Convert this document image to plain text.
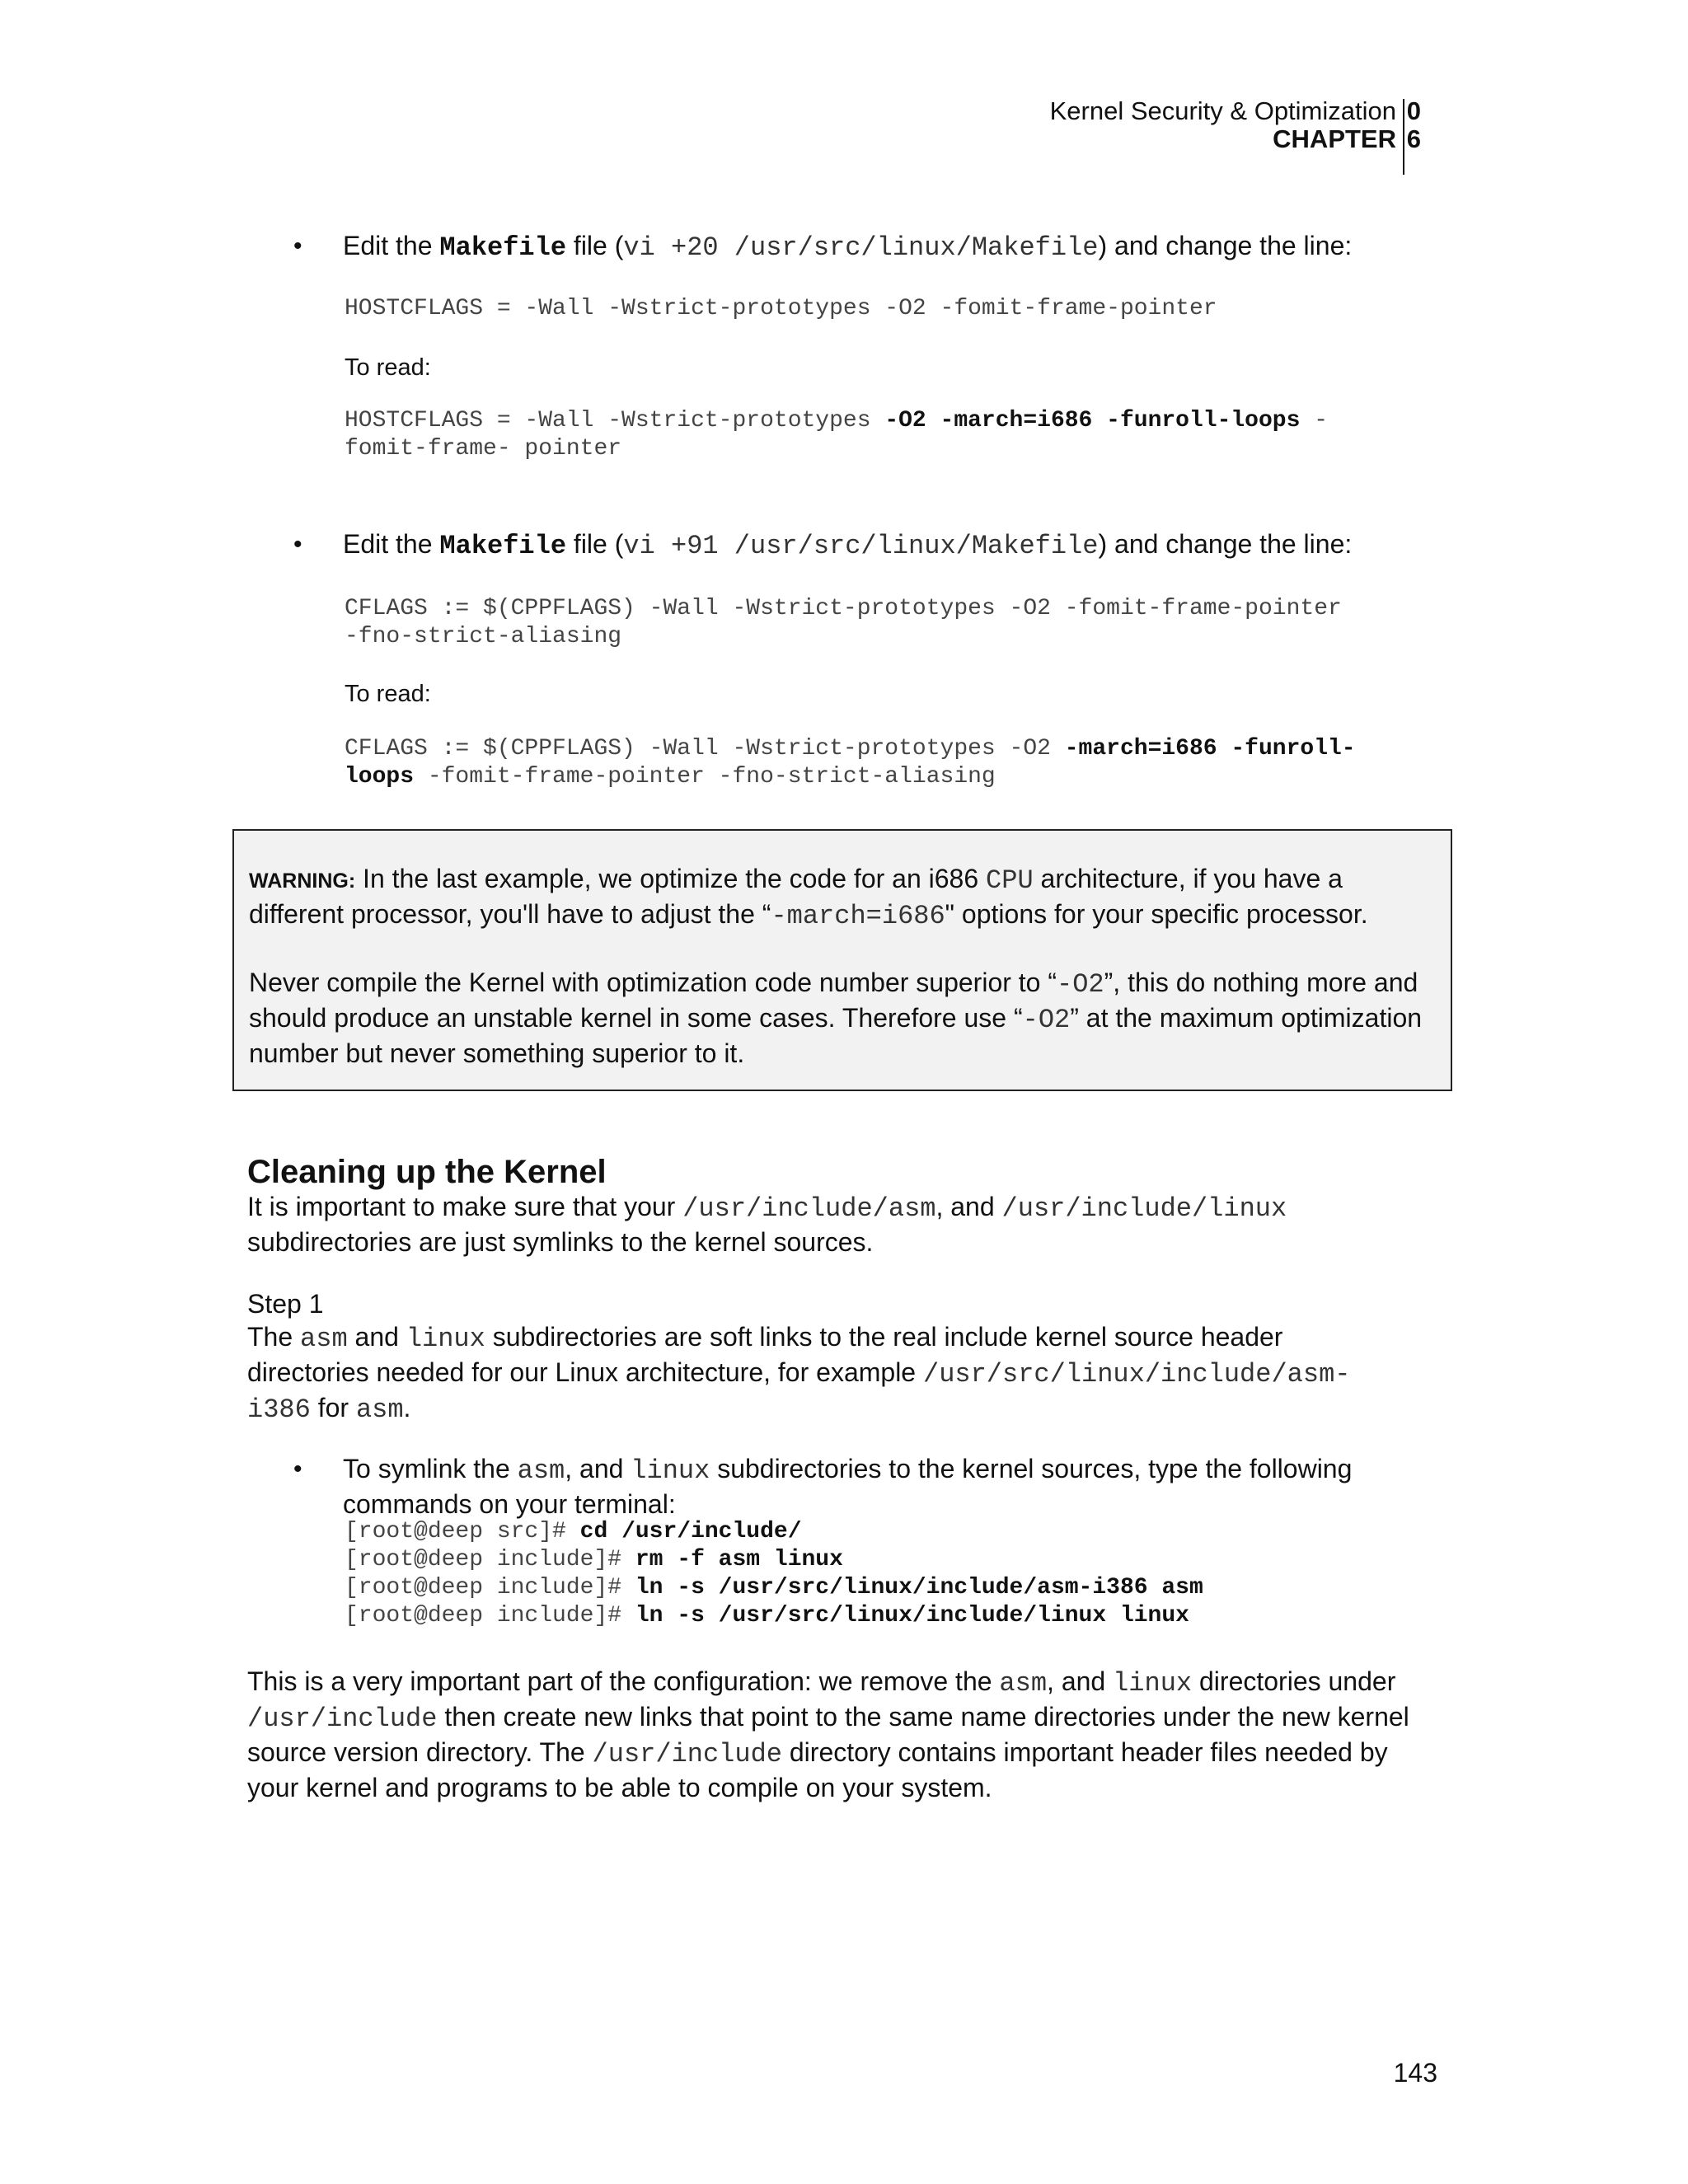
Kernel Security & Optimization
CHAPTER
0
6
• Edit the Makefile file (vi +20 /usr/src/linux/Makefile) and change the line:
HOSTCFLAGS = -Wall -Wstrict-prototypes -O2 -fomit-frame-pointer
To read:
HOSTCFLAGS = -Wall -Wstrict-prototypes -O2 -march=i686 -funroll-loops -
fomit-frame- pointer
• Edit the Makefile file (vi +91 /usr/src/linux/Makefile) and change the line:
CFLAGS := $(CPPFLAGS) -Wall -Wstrict-prototypes -O2 -fomit-frame-pointer
-fno-strict-aliasing
To read:
CFLAGS := $(CPPFLAGS) -Wall -Wstrict-prototypes -O2 -march=i686 -funroll-
loops -fomit-frame-pointer -fno-strict-aliasing
WARNING: In the last example, we optimize the code for an i686 CPU architecture, if you have a different processor, you'll have to adjust the “-march=i686" options for your specific processor.
Never compile the Kernel with optimization code number superior to “-O2”, this do nothing more and should produce an unstable kernel in some cases. Therefore use “-O2” at the maximum optimization number but never something superior to it.
Cleaning up the Kernel
It is important to make sure that your /usr/include/asm, and /usr/include/linux subdirectories are just symlinks to the kernel sources.
Step 1
The asm and linux subdirectories are soft links to the real include kernel source header directories needed for our Linux architecture, for example /usr/src/linux/include/asm-i386 for asm.
• To symlink the asm, and linux subdirectories to the kernel sources, type the following commands on your terminal:
[root@deep src]# cd /usr/include/
[root@deep include]# rm -f asm linux
[root@deep include]# ln -s /usr/src/linux/include/asm-i386 asm
[root@deep include]# ln -s /usr/src/linux/include/linux linux
This is a very important part of the configuration: we remove the asm, and linux directories under /usr/include then create new links that point to the same name directories under the new kernel source version directory. The /usr/include directory contains important header files needed by your kernel and programs to be able to compile on your system.
143
